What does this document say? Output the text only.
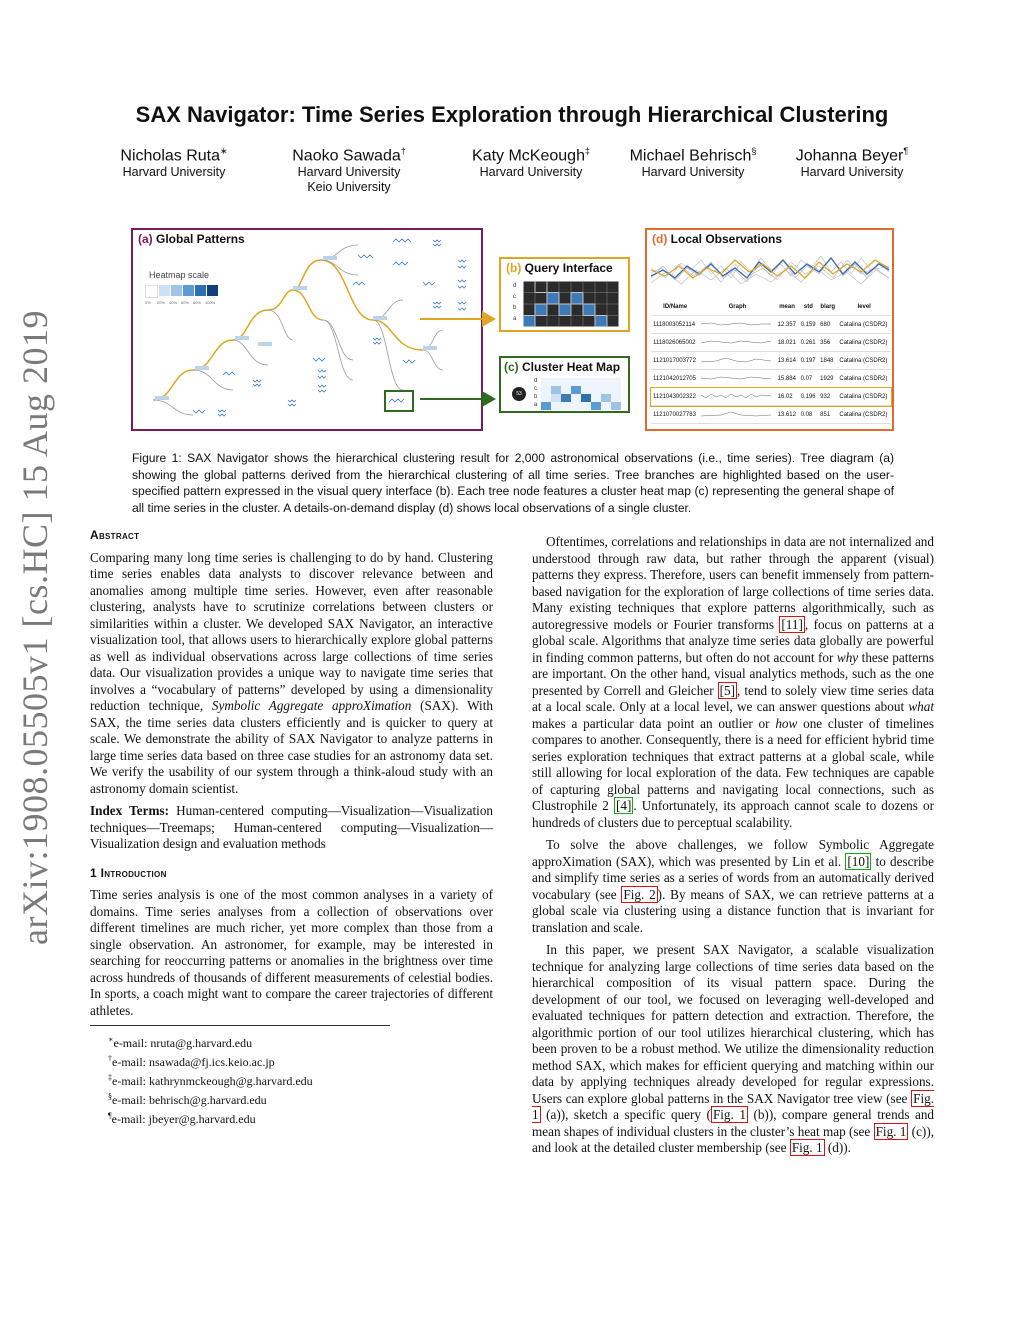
arXiv:1908.05505v1 [cs.HC] 15 Aug 2019
SAX Navigator: Time Series Exploration through Hierarchical Clustering
Nicholas Ruta∗
Harvard University
Naoko Sawada†
Harvard University
Keio University
Katy McKeough‡
Harvard University
Michael Behrisch§
Harvard University
Johanna Beyer¶
Harvard University
(a) Global Patterns
Heatmap scale
0%	20% 40% 60% 80% 100%
(b) Query Interface
d
c
b
a
(c) Cluster Heat Map
53
d
c
b
a
(d) Local Observations
ID/Name	Graph	mean	std	blarg	level
1118003052114		12.357	0.159	680	Catalina (CSDR2)
1118026065002		18.021	0.261	356	Catalina (CSDR2)
1121017003772		13.614	0.197	1848	Catalina (CSDR2)
1121042012705		15.884	0.07	1929	Catalina (CSDR2)
1121043002322		16.02	0.196	932	Catalina (CSDR2)
1121070027783		13.612	0.08	851	Catalina (CSDR2)
Figure 1: SAX Navigator shows the hierarchical clustering result for 2,000 astronomical observations (i.e., time series). Tree diagram (a) showing the global patterns derived from the hierarchical clustering of all time series. Tree branches are highlighted based on the user-specified pattern expressed in the visual query interface (b). Each tree node features a cluster heat map (c) representing the general shape of all time series in the cluster. A details-on-demand display (d) shows local observations of a single cluster.
Abstract

Comparing many long time series is challenging to do by hand. Clustering time series enables data analysts to discover relevance between and anomalies among multiple time series. However, even after reasonable clustering, analysts have to scrutinize correlations between clusters or similarities within a cluster. We developed SAX Navigator, an interactive visualization tool, that allows users to hierarchically explore global patterns as well as individual observations across large collections of time series data. Our visualization provides a unique way to navigate time series that involves a “vocabulary of patterns” developed by using a dimensionality reduction technique, Symbolic Aggregate approXimation (SAX). With SAX, the time series data clusters efficiently and is quicker to query at scale. We demonstrate the ability of SAX Navigator to analyze patterns in large time series data based on three case studies for an astronomy data set. We verify the usability of our system through a think-aloud study with an astronomy domain scientist.

Index Terms: Human-centered computing—Visualization—Visualization techniques—Treemaps; Human-centered computing—Visualization—Visualization design and evaluation methods

1 Introduction

Time series analysis is one of the most common analyses in a variety of domains. Time series analyses from a collection of observations over different timelines are much richer, yet more complex than those from a single observation. An astronomer, for example, may be interested in searching for reoccurring patterns or anomalies in the brightness over time across hundreds of thousands of different measurements of celestial bodies. In sports, a coach might want to compare the career trajectories of different athletes.

∗e-mail: nruta@g.harvard.edu
†e-mail: nsawada@fj.ics.keio.ac.jp
‡e-mail: kathrynmckeough@g.harvard.edu
§e-mail: behrisch@g.harvard.edu
¶e-mail: jbeyer@g.harvard.edu

Oftentimes, correlations and relationships in data are not internalized and understood through raw data, but rather through the apparent (visual) patterns they express. Therefore, users can benefit immensely from pattern-based navigation for the exploration of large collections of time series data. Many existing techniques that explore patterns algorithmically, such as autoregressive models or Fourier transforms [11] , focus on patterns at a global scale. Algorithms that analyze time series data globally are powerful in finding common patterns, but often do not account for why these patterns are important. On the other hand, visual analytics methods, such as the one presented by Correll and Gleicher [5] , tend to solely view time series data at a local scale. Only at a local level, we can answer questions about what makes a particular data point an outlier or how one cluster of timelines compares to another. Consequently, there is a need for efficient hybrid time series exploration techniques that extract patterns at a global scale, while still allowing for local exploration of the data. Few techniques are capable of capturing global patterns and navigating local connections, such as Clustrophile 2 [4] . Unfortunately, its approach cannot scale to dozens or hundreds of clusters due to perceptual scalability.

To solve the above challenges, we follow Symbolic Aggregate approXimation (SAX), which was presented by Lin et al. [10] to describe and simplify time series as a series of words from an automatically derived vocabulary (see Fig. 2 ). By means of SAX, we can retrieve patterns at a global scale via clustering using a distance function that is invariant for translation and scale.

In this paper, we present SAX Navigator, a scalable visualization technique for analyzing large collections of time series data based on the hierarchical composition of its visual pattern space. During the development of our tool, we focused on leveraging well-developed and evaluated techniques for pattern detection and extraction. Therefore, the algorithmic portion of our tool utilizes hierarchical clustering, which has been proven to be a robust method. We utilize the dimensionality reduction method SAX, which makes for efficient querying and matching within our data by applying techniques already developed for regular expressions. Users can explore global patterns in the SAX Navigator tree view (see Fig. 1 (a)), sketch a specific query ( Fig. 1 (b)), compare general trends and mean shapes of individual clusters in the cluster’s heat map (see Fig. 1 (c)), and look at the detailed cluster membership (see Fig. 1 (d)).
